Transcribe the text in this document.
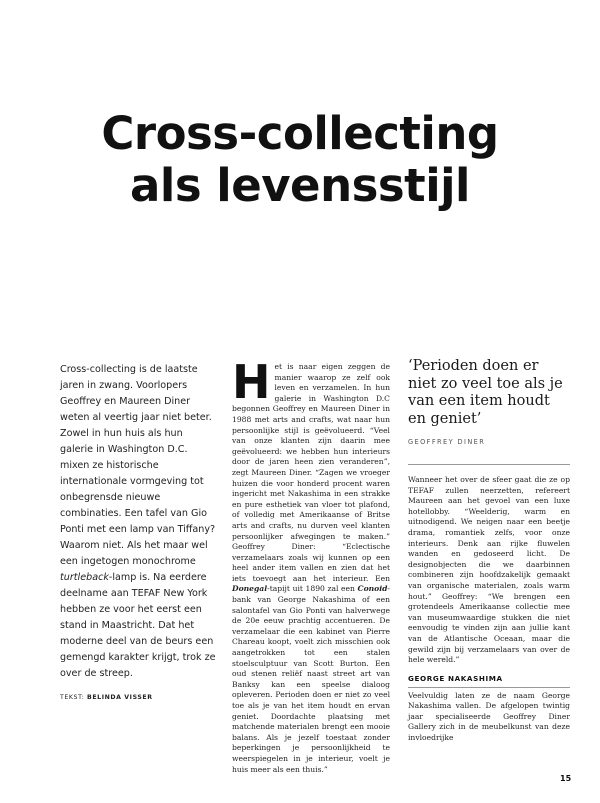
Cross-collecting
als levensstijl

Cross-collecting is de laatste jaren in zwang. Voorlopers Geoffrey en Maureen Diner weten al veertig jaar niet beter. Zowel in hun huis als hun galerie in Washington D.C. mixen ze historische internationale vormgeving tot onbegrensde nieuwe combinaties. Een tafel van Gio Ponti met een lamp van Tiffany? Waarom niet. Als het maar wel een ingetogen monochrome turtleback-lamp is. Na eerdere deelname aan TEFAF New York hebben ze voor het eerst een stand in Maastricht. Dat het moderne deel van de beurs een gemengd karakter krijgt, trok ze over de streep.

TEKST: BELINDA VISSER

Het is naar eigen zeggen de manier waarop ze zelf ook leven en verzamelen. In hun galerie in Washington D.C begonnen Geoffrey en Maureen Diner in 1988 met arts and crafts, wat naar hun persoonlijke stijl is geëvolueerd. “Veel van onze klanten zijn daarin mee geëvolueerd: we hebben hun interieurs door de jaren heen zien veranderen”, zegt Maureen Diner. “Zagen we vroeger huizen die voor honderd procent waren ingericht met Nakashima in een strakke en pure esthetiek van vloer tot plafond, of volledig met Amerikaanse of Britse arts and crafts, nu durven veel klanten persoonlijker afwegingen te maken.” Geoffrey Diner: “Eclectische verzamelaars zoals wij kunnen op een heel ander item vallen en zien dat het iets toevoegt aan het interieur. Een Donegal-tapijt uit 1890 zal een Conoid-bank van George Nakashima of een salontafel van Gio Ponti van halverwege de 20e eeuw prachtig accentueren. De verzamelaar die een kabinet van Pierre Chareau koopt, voelt zich misschien ook aangetrokken tot een stalen stoelsculptuur van Scott Burton. Een oud stenen reliëf naast street art van Banksy kan een speelse dialoog opleveren. Perioden doen er niet zo veel toe als je van het item houdt en ervan geniet. Doordachte plaatsing met matchende materialen brengt een mooie balans. Als je jezelf toestaat zonder beperkingen je persoonlijkheid te weerspiegelen in je interieur, voelt je huis meer als een thuis.”

‘Perioden doen er niet zo veel toe als je van een item houdt en geniet’

GEOFFREY DINER

Wanneer het over de sfeer gaat die ze op TEFAF zullen neerzetten, refereert Maureen aan het gevoel van een luxe hotellobby. “Weelderig, warm en uitnodigend. We neigen naar een beetje drama, romantiek zelfs, voor onze interieurs. Denk aan rijke fluwelen wanden en gedoseerd licht. De designobjecten die we daarbinnen combineren zijn hoofdzakelijk gemaakt van organische materialen, zoals warm hout.” Geoffrey: “We brengen een grotendeels Amerikaanse collectie mee van museumwaardige stukken die niet eenvoudig te vinden zijn aan jullie kant van de Atlantische Oceaan, maar die gewild zijn bij verzamelaars van over de hele wereld.”

GEORGE NAKASHIMA

Veelvuldig laten ze de naam George Nakashima vallen. De afgelopen twintig jaar specialiseerde Geoffrey Diner Gallery zich in de meubelkunst van deze invloedrijke

15
